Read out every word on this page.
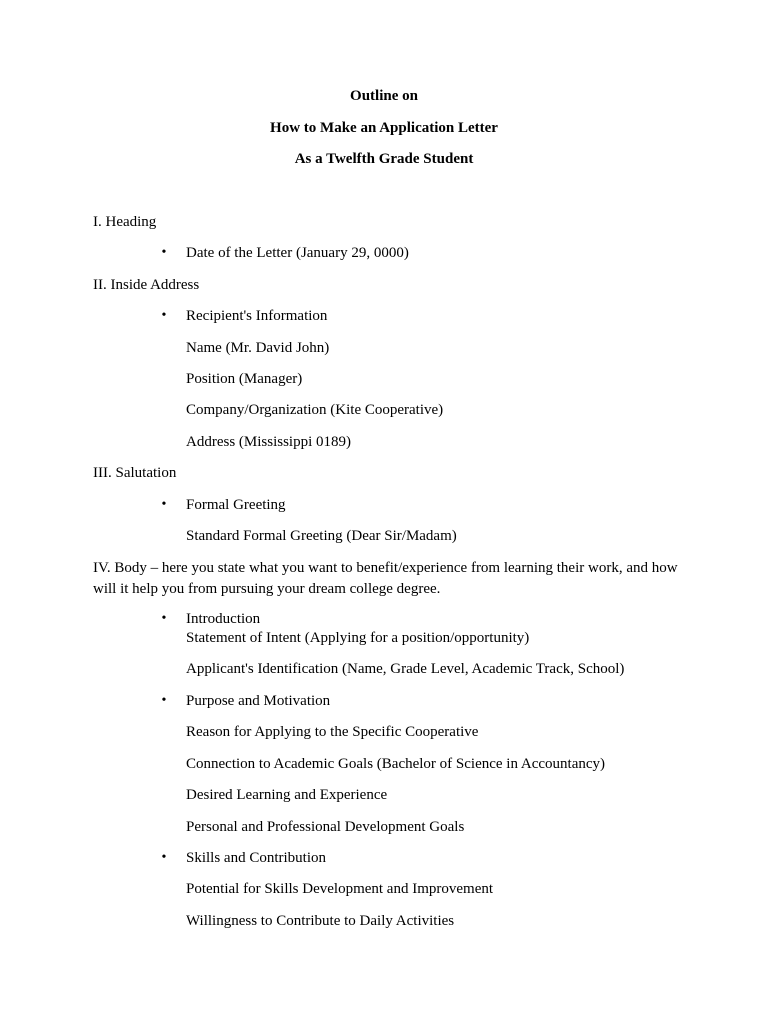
Outline on
How to Make an Application Letter
As a Twelfth Grade Student
I. Heading
• Date of the Letter (January 29, 0000)
II. Inside Address
• Recipient's Information
Name (Mr. David John)
Position (Manager)
Company/Organization (Kite Cooperative)
Address (Mississippi 0189)
III. Salutation
• Formal Greeting
Standard Formal Greeting (Dear Sir/Madam)
IV. Body – here you state what you want to benefit/experience from learning their work, and how will it help you from pursuing your dream college degree.
• Introduction
Statement of Intent (Applying for a position/opportunity)
Applicant's Identification (Name, Grade Level, Academic Track, School)
• Purpose and Motivation
Reason for Applying to the Specific Cooperative
Connection to Academic Goals (Bachelor of Science in Accountancy)
Desired Learning and Experience
Personal and Professional Development Goals
• Skills and Contribution
Potential for Skills Development and Improvement
Willingness to Contribute to Daily Activities
